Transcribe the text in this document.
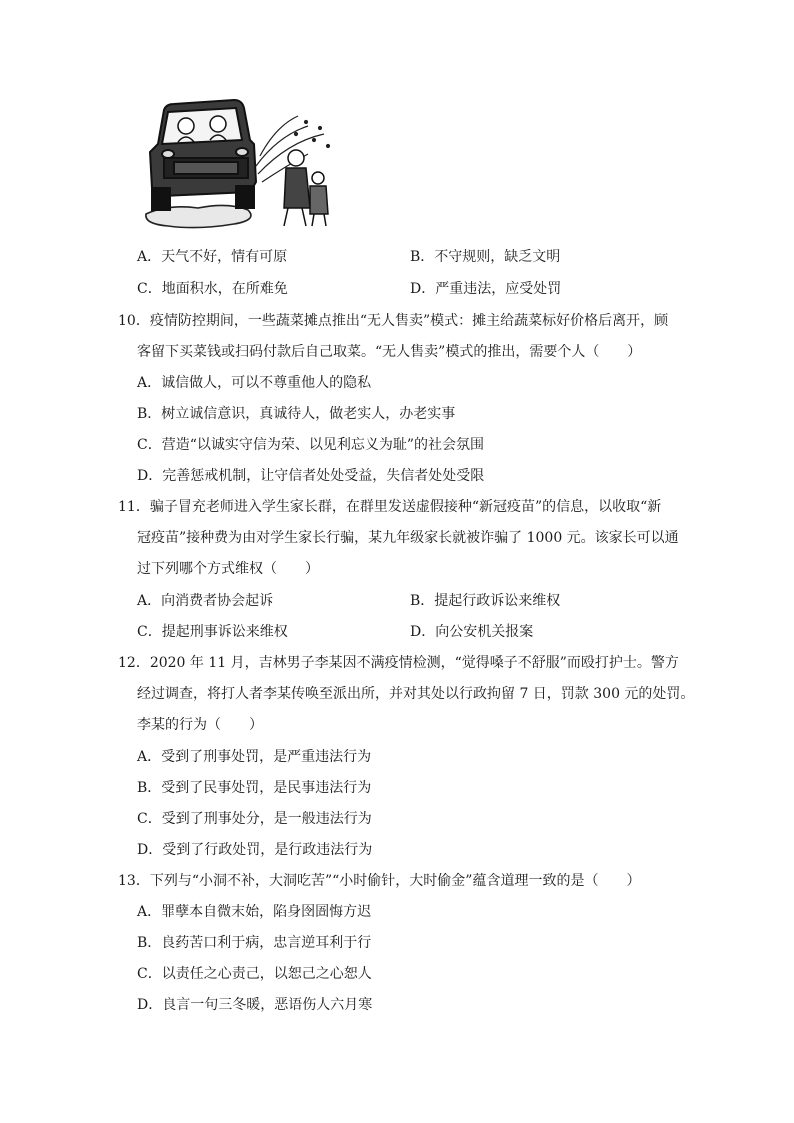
A．天气不好，情有可原	B．不守规则，缺乏文明
C．地面积水，在所难免	D．严重违法，应受处罚
10．疫情防控期间，一些蔬菜摊点推出“无人售卖”模式：摊主给蔬菜标好价格后离开，顾
客留下买菜钱或扫码付款后自己取菜。“无人售卖”模式的推出，需要个人（　　）
A．诚信做人，可以不尊重他人的隐私
B．树立诚信意识，真诚待人，做老实人，办老实事
C．营造“以诚实守信为荣、以见利忘义为耻”的社会氛围
D．完善惩戒机制，让守信者处处受益，失信者处处受限
11．骗子冒充老师进入学生家长群，在群里发送虚假接种“新冠疫苗”的信息，以收取“新
冠疫苗”接种费为由对学生家长行骗，某九年级家长就被诈骗了 1000 元。该家长可以通
过下列哪个方式维权（　　）
A．向消费者协会起诉	B．提起行政诉讼来维权
C．提起刑事诉讼来维权	D．向公安机关报案
12．2020 年 11 月，吉林男子李某因不满疫情检测，“觉得嗓子不舒服”而殴打护士。警方
经过调查，将打人者李某传唤至派出所，并对其处以行政拘留 7 日，罚款 300 元的处罚。
李某的行为（　　）
A．受到了刑事处罚，是严重违法行为
B．受到了民事处罚，是民事违法行为
C．受到了刑事处分，是一般违法行为
D．受到了行政处罚，是行政违法行为
13．下列与“小洞不补，大洞吃苦”“小时偷针，大时偷金”蕴含道理一致的是（　　）
A．罪孽本自微末始，陷身囹圄悔方迟
B．良药苦口利于病，忠言逆耳利于行
C．以责任之心责己，以恕己之心恕人
D．良言一句三冬暖，恶语伤人六月寒
